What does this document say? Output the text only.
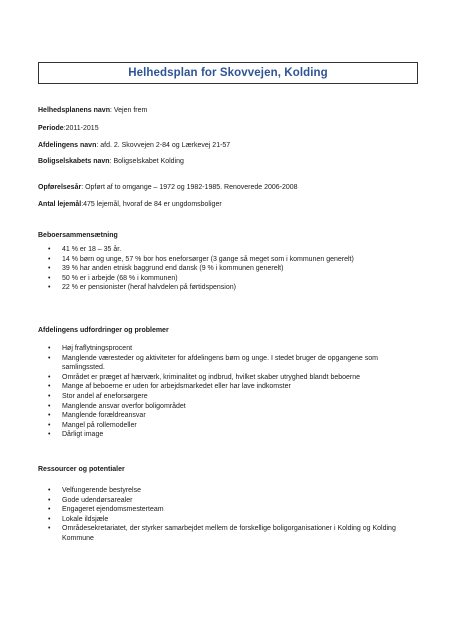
Helhedsplan for Skovvejen, Kolding
Helhedsplanens navn: Vejen frem
Periode:2011-2015
Afdelingens navn: afd. 2. Skovvejen 2-84 og Lærkevej 21-57
Boligselskabets navn: Boligselskabet Kolding
Opførelsesår: Opført af to omgange – 1972 og 1982-1985. Renoverede 2006-2008
Antal lejemål:475 lejemål, hvoraf de 84 er ungdomsboliger
Beboersammensætning
• 41 % er 18 – 35 år.
• 14 % børn og unge, 57 % bor hos eneforsørger (3 gange så meget som i kommunen generelt)
• 39 % har anden etnisk baggrund end dansk (9 % i kommunen generelt)
• 50 % er i arbejde (68 % i kommunen)
• 22 % er pensionister (heraf halvdelen på førtidspension)
Afdelingens udfordringer og problemer
• Høj fraflytningsprocent
• Manglende væresteder og aktiviteter for afdelingens børn og unge. I stedet bruger de opgangene som samlingssted.
• Området er præget af hærværk, kriminalitet og indbrud, hvilket skaber utryghed blandt beboerne
• Mange af beboerne er uden for arbejdsmarkedet eller har lave indkomster
• Stor andel af eneforsørgere
• Manglende ansvar overfor boligområdet
• Manglende forældreansvar
• Mangel på rollemodeller
• Dårligt image
Ressourcer og potentialer
• Velfungerende bestyrelse
• Gode udendørsarealer
• Engageret ejendomsmesterteam
• Lokale ildsjæle
• Områdesekretariatet, der styrker samarbejdet mellem de forskellige boligorganisationer i Kolding og Kolding Kommune
